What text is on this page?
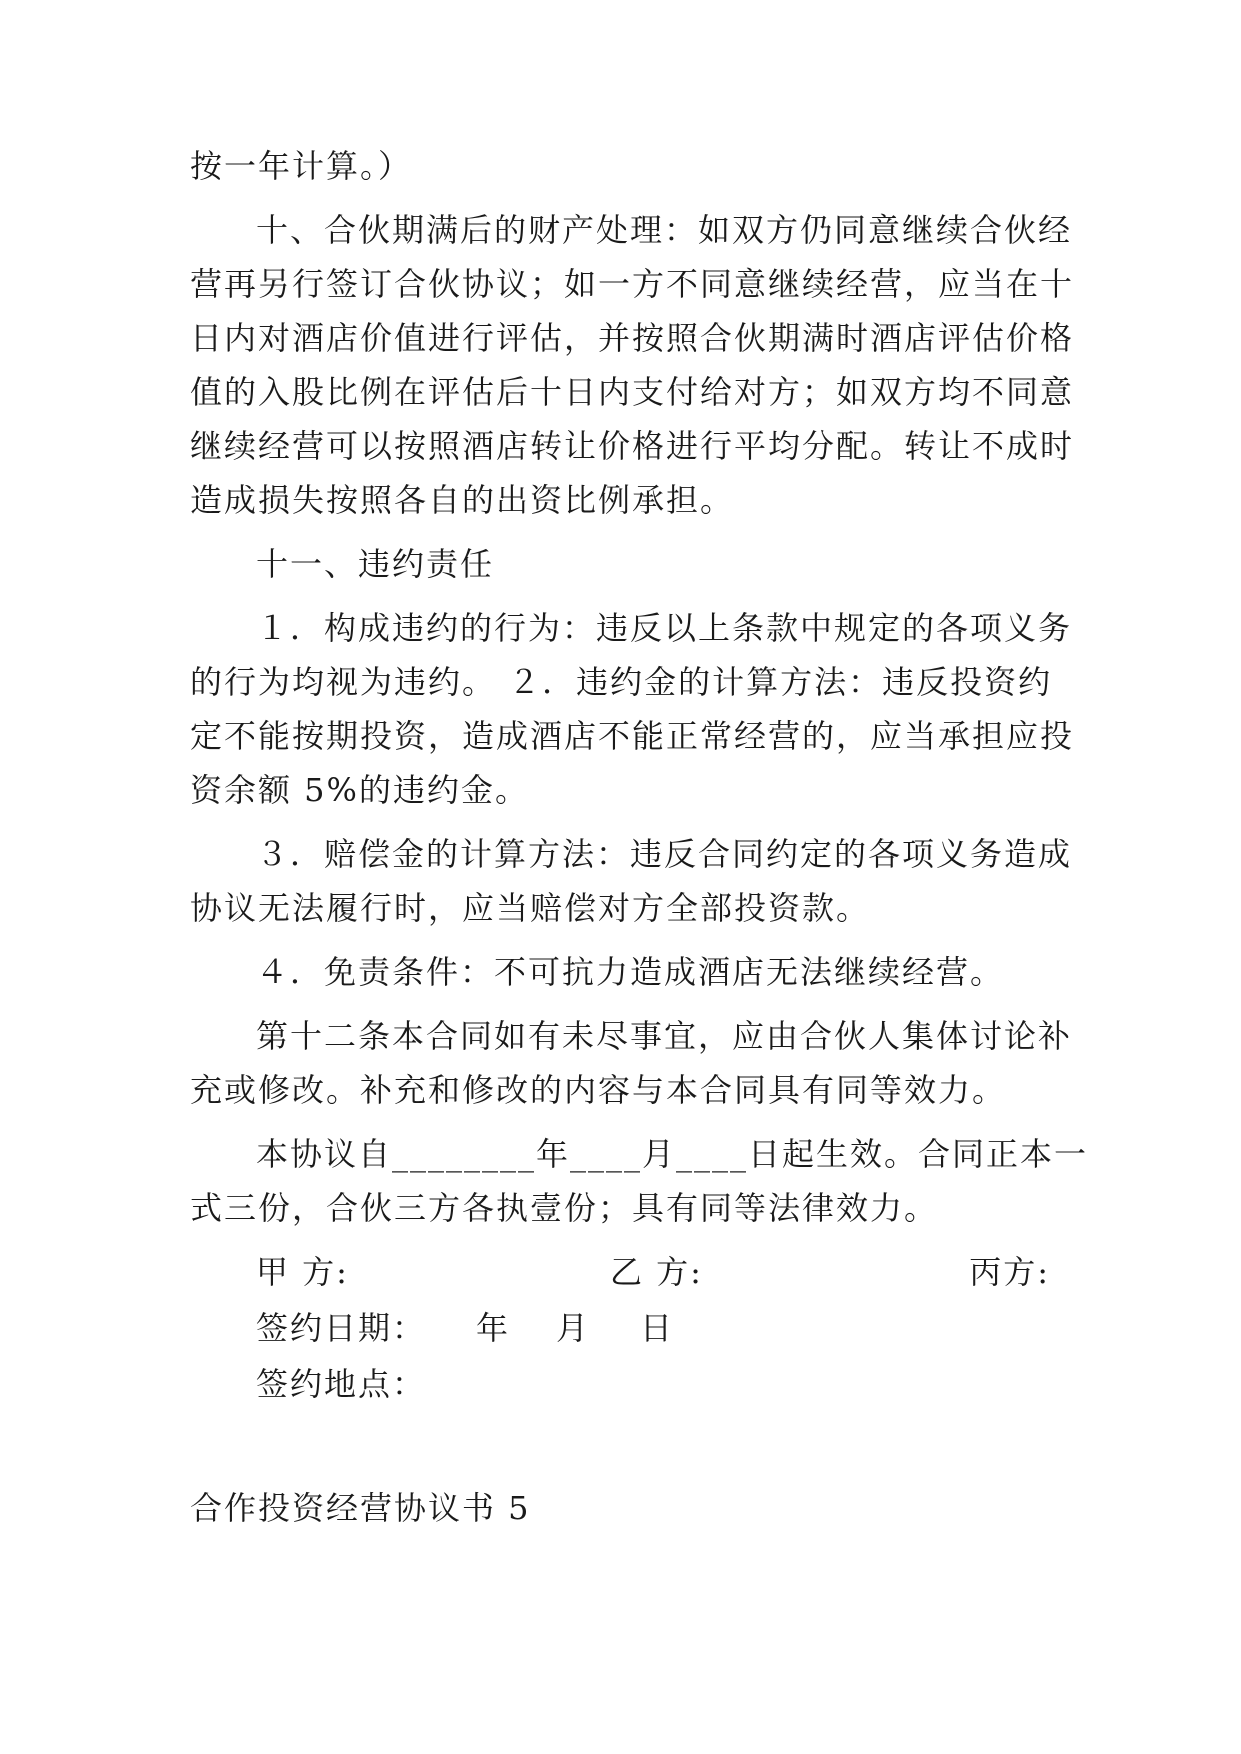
按一年计算。）
十、合伙期满后的财产处理：如双方仍同意继续合伙经
营再另行签订合伙协议；如一方不同意继续经营，应当在十
日内对酒店价值进行评估，并按照合伙期满时酒店评估价格
值的入股比例在评估后十日内支付给对方；如双方均不同意
继续经营可以按照酒店转让价格进行平均分配。转让不成时
造成损失按照各自的出资比例承担。
十一、违约责任
１．构成违约的行为：违反以上条款中规定的各项义务
的行为均视为违约。 ２．违约金的计算方法：违反投资约
定不能按期投资，造成酒店不能正常经营的，应当承担应投
资余额 5%的违约金。
３．赔偿金的计算方法：违反合同约定的各项义务造成
协议无法履行时，应当赔偿对方全部投资款。
４．免责条件：不可抗力造成酒店无法继续经营。
第十二条本合同如有未尽事宜，应由合伙人集体讨论补
充或修改。补充和修改的内容与本合同具有同等效力。
本协议自________年____月____日起生效。合同正本一
式三份，合伙三方各执壹份；具有同等法律效力。
甲 方:	乙 方:	丙方:
签约日期： 年 月 日
签约地点：
合作投资经营协议书 5
